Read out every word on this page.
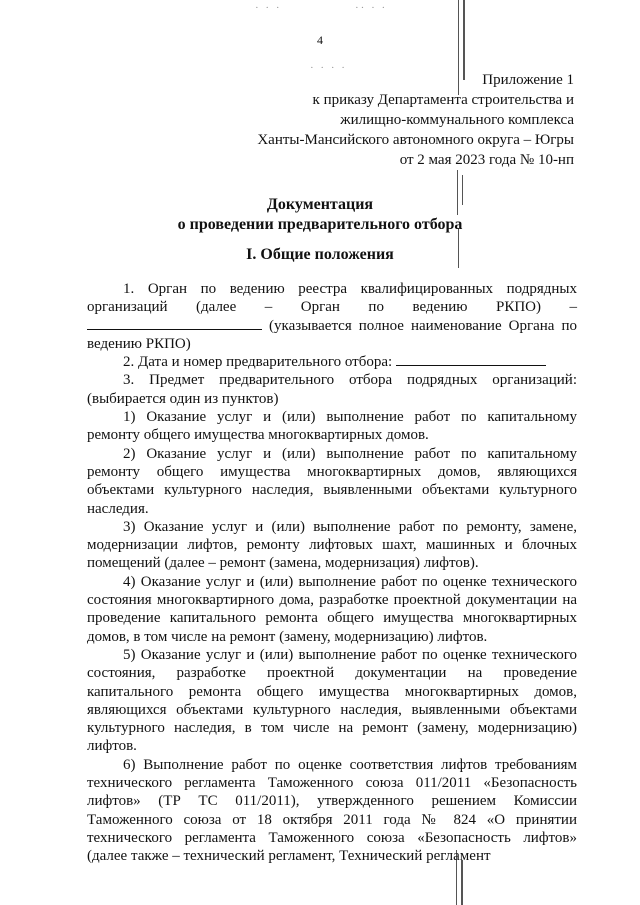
· · ·	·· · ·
· · · ·
4
Приложение 1
к приказу Департамента строительства и
жилищно-коммунального комплекса
Ханты-Мансийского автономного округа – Югры
от 2 мая 2023 года № 10-нп
Документация
о проведении предварительного отбора
I. Общие положения

1. Орган по ведению реестра квалифицированных подрядных организаций (далее – Орган по ведению РКПО) –  (указывается полное наименование Органа по ведению РКПО)

2. Дата и номер предварительного отбора:

3. Предмет предварительного отбора подрядных организаций: (выбирается один из пунктов)

1) Оказание услуг и (или) выполнение работ по капитальному ремонту общего имущества многоквартирных домов.

2) Оказание услуг и (или) выполнение работ по капитальному ремонту общего имущества многоквартирных домов, являющихся объектами культурного наследия, выявленными объектами культурного наследия.

3) Оказание услуг и (или) выполнение работ по ремонту, замене, модернизации лифтов, ремонту лифтовых шахт, машинных и блочных помещений (далее – ремонт (замена, модернизация) лифтов).

4) Оказание услуг и (или) выполнение работ по оценке технического состояния многоквартирного дома, разработке проектной документации на проведение капитального ремонта общего имущества многоквартирных домов, в том числе на ремонт (замену, модернизацию) лифтов.

5) Оказание услуг и (или) выполнение работ по оценке технического состояния, разработке проектной документации на проведение капитального ремонта общего имущества многоквартирных домов, являющихся объектами культурного наследия, выявленными объектами культурного наследия, в том числе на ремонт (замену, модернизацию) лифтов.

6) Выполнение работ по оценке соответствия лифтов требованиям технического регламента Таможенного союза 011/2011 «Безопасность лифтов» (ТР ТС 011/2011), утвержденного решением Комиссии Таможенного союза от 18 октября 2011 года № 824 «О принятии технического регламента Таможенного союза «Безопасность лифтов» (далее также – технический регламент, Технический регламент
